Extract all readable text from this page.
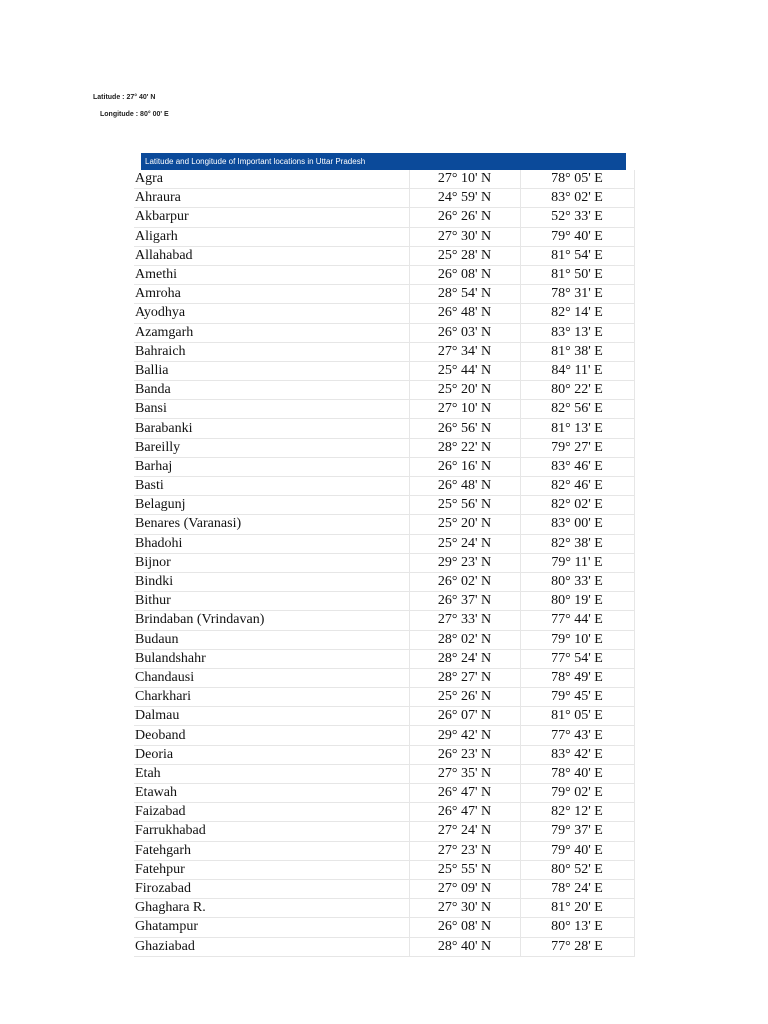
Latitude : 27° 40' N
Longitude : 80° 00' E
Latitude and Longitude of Important locations in Uttar Pradesh
Agra	27° 10' N	78° 05' E
Ahraura	24° 59' N	83° 02' E
Akbarpur	26° 26' N	52° 33' E
Aligarh	27° 30' N	79° 40' E
Allahabad	25° 28' N	81° 54' E
Amethi	26° 08' N	81° 50' E
Amroha	28° 54' N	78° 31' E
Ayodhya	26° 48' N	82° 14' E
Azamgarh	26° 03' N	83° 13' E
Bahraich	27° 34' N	81° 38' E
Ballia	25° 44' N	84° 11' E
Banda	25° 20' N	80° 22' E
Bansi	27° 10' N	82° 56' E
Barabanki	26° 56' N	81° 13' E
Bareilly	28° 22' N	79° 27' E
Barhaj	26° 16' N	83° 46' E
Basti	26° 48' N	82° 46' E
Belagunj	25° 56' N	82° 02' E
Benares (Varanasi)	25° 20' N	83° 00' E
Bhadohi	25° 24' N	82° 38' E
Bijnor	29° 23' N	79° 11' E
Bindki	26° 02' N	80° 33' E
Bithur	26° 37' N	80° 19' E
Brindaban (Vrindavan)	27° 33' N	77° 44' E
Budaun	28° 02' N	79° 10' E
Bulandshahr	28° 24' N	77° 54' E
Chandausi	28° 27' N	78° 49' E
Charkhari	25° 26' N	79° 45' E
Dalmau	26° 07' N	81° 05' E
Deoband	29° 42' N	77° 43' E
Deoria	26° 23' N	83° 42' E
Etah	27° 35' N	78° 40' E
Etawah	26° 47' N	79° 02' E
Faizabad	26° 47' N	82° 12' E
Farrukhabad	27° 24' N	79° 37' E
Fatehgarh	27° 23' N	79° 40' E
Fatehpur	25° 55' N	80° 52' E
Firozabad	27° 09' N	78° 24' E
Ghaghara R.	27° 30' N	81° 20' E
Ghatampur	26° 08' N	80° 13' E
Ghaziabad	28° 40' N	77° 28' E
